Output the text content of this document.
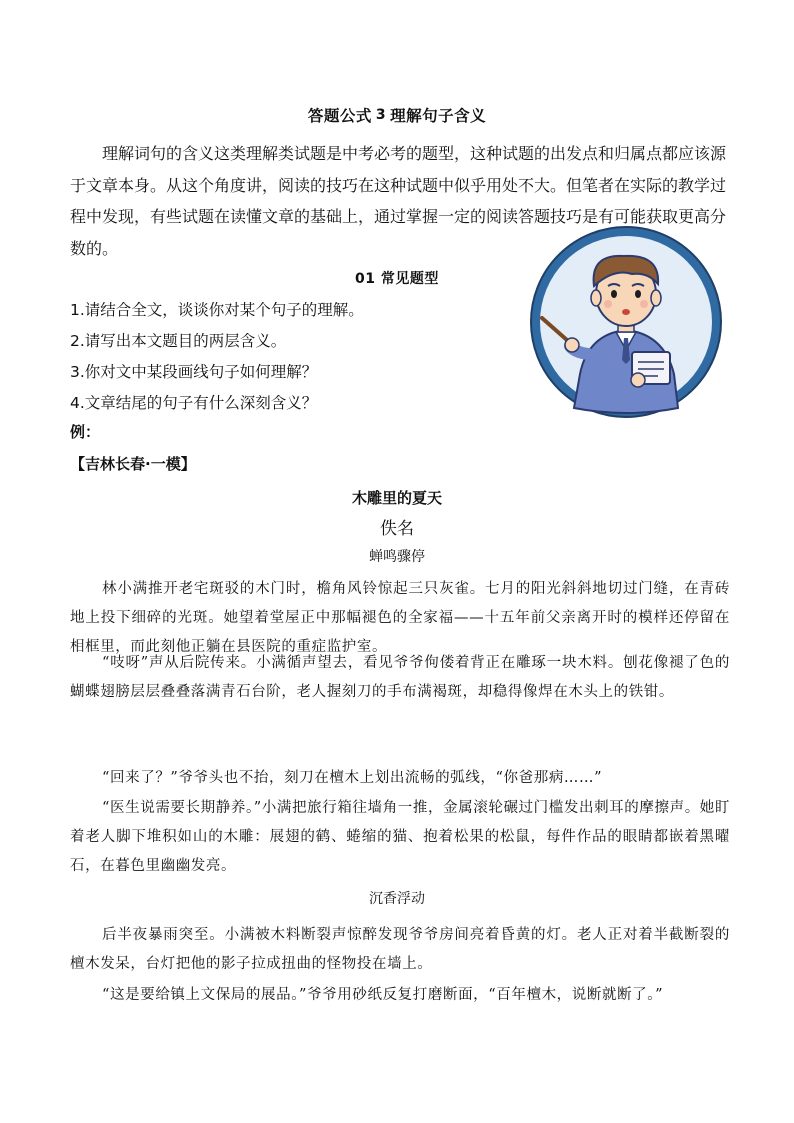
答题公式 3 理解句子含义

理解词句的含义这类理解类试题是中考必考的题型，这种试题的出发点和归属点都应该源于文章本身。从这个角度讲，阅读的技巧在这种试题中似乎用处不大。但笔者在实际的教学过程中发现，有些试题在读懂文章的基础上，通过掌握一定的阅读答题技巧是有可能获取更高分数的。

01 常见题型
1.请结合全文，谈谈你对某个句子的理解。
2.请写出本文题目的两层含义。
3.你对文中某段画线句子如何理解？
4.文章结尾的句子有什么深刻含义？
例：
【吉林长春·一模】
木雕里的夏天
佚名
蝉鸣骤停

林小满推开老宅斑驳的木门时，檐角风铃惊起三只灰雀。七月的阳光斜斜地切过门缝，在青砖地上投下细碎的光斑。她望着堂屋正中那幅褪色的全家福——十五年前父亲离开时的模样还停留在相框里，而此刻他正躺在县医院的重症监护室。

“吱呀”声从后院传来。小满循声望去，看见爷爷佝偻着背正在雕琢一块木料。刨花像褪了色的蝴蝶翅膀层层叠叠落满青石台阶，老人握刻刀的手布满褐斑，却稳得像焊在木头上的铁钳。

“回来了？”爷爷头也不抬，刻刀在檀木上划出流畅的弧线，“你爸那病……”

“医生说需要长期静养。”小满把旅行箱往墙角一推，金属滚轮碾过门槛发出刺耳的摩擦声。她盯着老人脚下堆积如山的木雕：展翅的鹤、蜷缩的猫、抱着松果的松鼠，每件作品的眼睛都嵌着黑曜石，在暮色里幽幽发亮。

沉香浮动

后半夜暴雨突至。小满被木料断裂声惊醉发现爷爷房间亮着昏黄的灯。老人正对着半截断裂的檀木发呆，台灯把他的影子拉成扭曲的怪物投在墙上。

“这是要给镇上文保局的展品。”爷爷用砂纸反复打磨断面，“百年檀木，说断就断了。”
